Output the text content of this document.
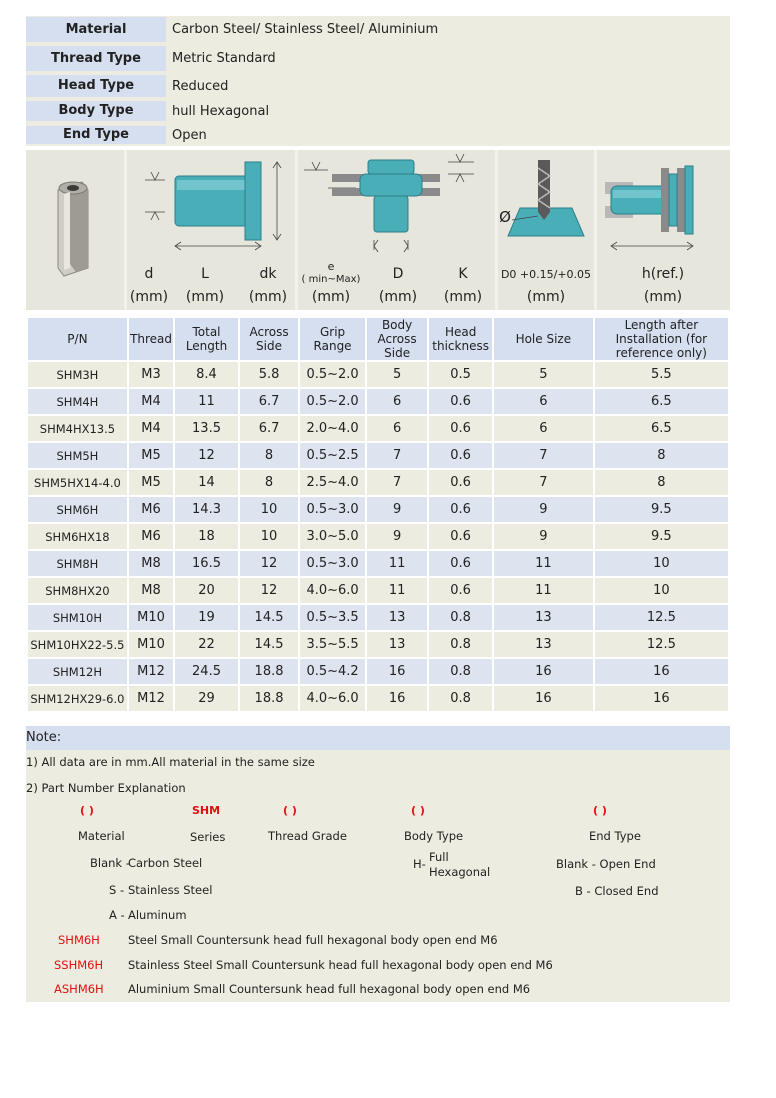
Material	Carbon Steel/ Stainless Steel/ Aluminium
Thread Type	Metric Standard
Head Type	Reduced
Body Type	hull Hexagonal
End Type	Open
d
(mm)
L
(mm)
dk
(mm)
e
( min~Max)
(mm)
D
(mm)
K
(mm)
Ø
D0 +0.15/+0.05
(mm)
h(ref.)
(mm)
P/N	Thread	Total Length	Across Side	Grip Range	Body Across Side	Head thickness	Hole Size	Length after Installation (for reference only)
SHM3H	M3	8.4	5.8	0.5~2.0	5	0.5	5	5.5
SHM4H	M4	11	6.7	0.5~2.0	6	0.6	6	6.5
SHM4HX13.5	M4	13.5	6.7	2.0~4.0	6	0.6	6	6.5
SHM5H	M5	12	8	0.5~2.5	7	0.6	7	8
SHM5HX14-4.0	M5	14	8	2.5~4.0	7	0.6	7	8
SHM6H	M6	14.3	10	0.5~3.0	9	0.6	9	9.5
SHM6HX18	M6	18	10	3.0~5.0	9	0.6	9	9.5
SHM8H	M8	16.5	12	0.5~3.0	11	0.6	11	10
SHM8HX20	M8	20	12	4.0~6.0	11	0.6	11	10
SHM10H	M10	19	14.5	0.5~3.5	13	0.8	13	12.5
SHM10HX22-5.5	M10	22	14.5	3.5~5.5	13	0.8	13	12.5
SHM12H	M12	24.5	18.8	0.5~4.2	16	0.8	16	16
SHM12HX29-6.0	M12	29	18.8	4.0~6.0	16	0.8	16	16
Note:
1) All data are in mm.All material in the same size
2) Part Number Explanation
( )	SHM	( )	( )	( )
Material	Series	Thread Grade	Body Type	End Type
Blank -
Carbon Steel
S - Stainless Steel
A - Aluminum
H- Full
Hexagonal
Blank - Open End
B - Closed End
SHM6H Steel Small Countersunk head full hexagonal body open end M6
SSHM6H Stainless Steel Small Countersunk head full hexagonal body open end M6
ASHM6H Aluminium Small Countersunk head full hexagonal body open end M6
